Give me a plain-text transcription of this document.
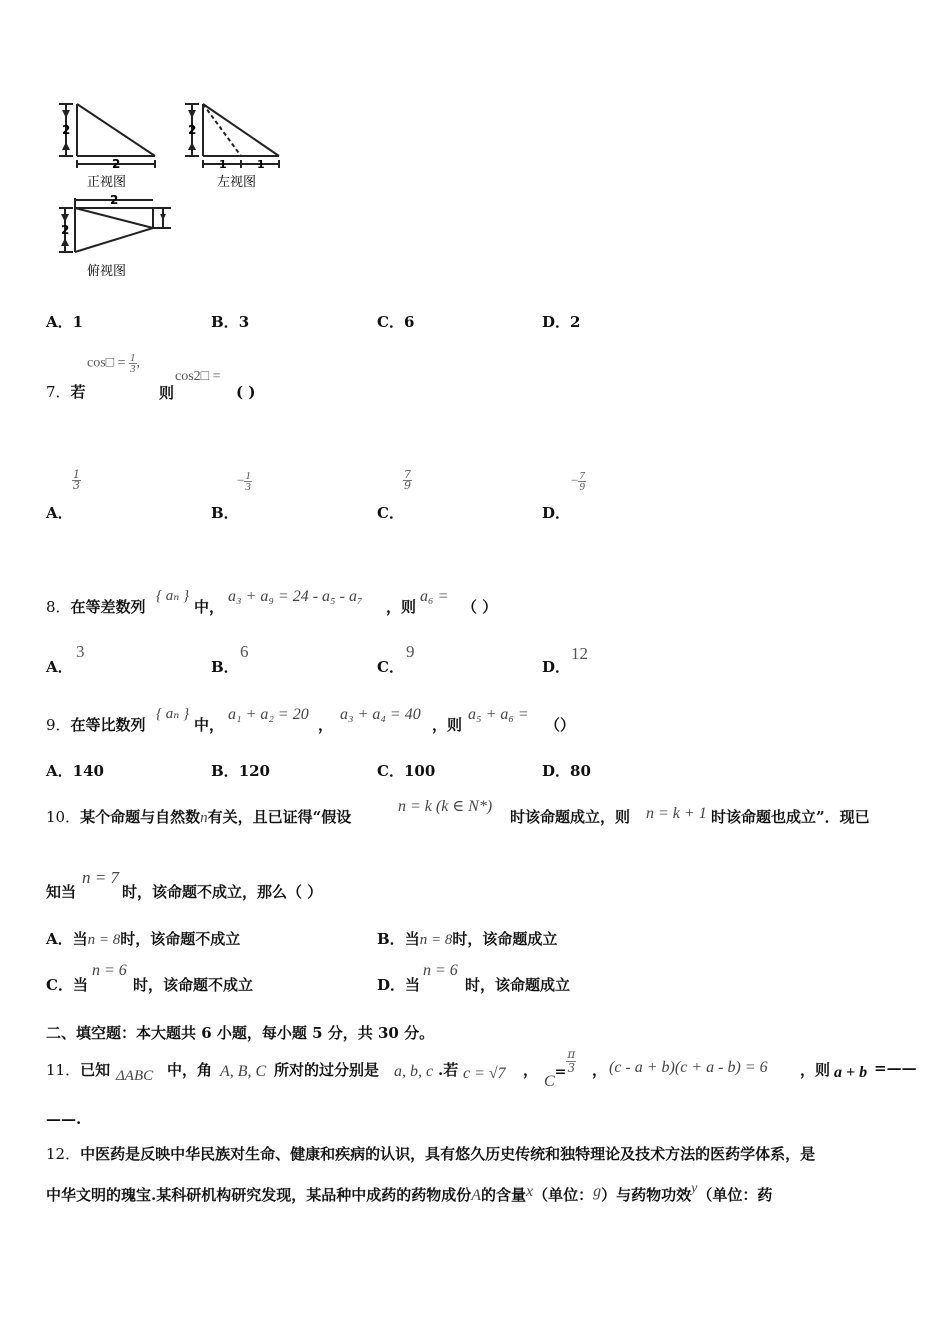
2
2
2
1	1
2
2
正视图	左视图
俯视图
A．1	B．3	C．6	D．2
7．若
cos□ = $\frac{1}{3}$ ,
则
cos2□ =
( )
A．
$\frac{1}{3}$
B．
− $\frac{1}{3}$
C．
$\frac{7}{9}$
D．
− $\frac{7}{9}$
8．在等差数列
{ aₙ }
中，
a₃ + a₉ = 24 - a₅ - a₇
，则
a₆ =
（ ）
A．
3
B．
6
C．
9
D．
12
9．在等比数列
{ aₙ }
中，
a₁ + a₂ = 20
，
a₃ + a₄ = 40
，则
a₅ + a₆ =
（）
A．140	B．120	C．100	D．80
10．某个命题与自然数n有关，且已证得“假设
n = k (k ∈ N*)
时该命题成立，则 n = k + 1 时该命题也成立”．现已
知当
n = 7
时，该命题不成立，那么（ ）
A．当n = 8时，该命题不成立	B．当n = 8时，该命题成立
C．当
n = 6
时，该命题不成立	D．当
n = 6
时，该命题成立
二、填空题：本大题共 6 小题，每小题 5 分，共 30 分。
11．已知 ΔABC 中，角 A, B, C 所对的过分别是 a, b, c .若 c = √7 ，
$C= \frac{\pi}{3}$ ， (c - a + b)(c + a - b) = 6 ，则 a + b =——
——.
12．中医药是反映中华民族对生命、健康和疾病的认识，具有悠久历史传统和独特理论及技术方法的医药学体系，是
中华文明的瑰宝.某科研机构研究发现，某品种中成药的药物成份A的含量x（单位：g）与药物功效y（单位：药
